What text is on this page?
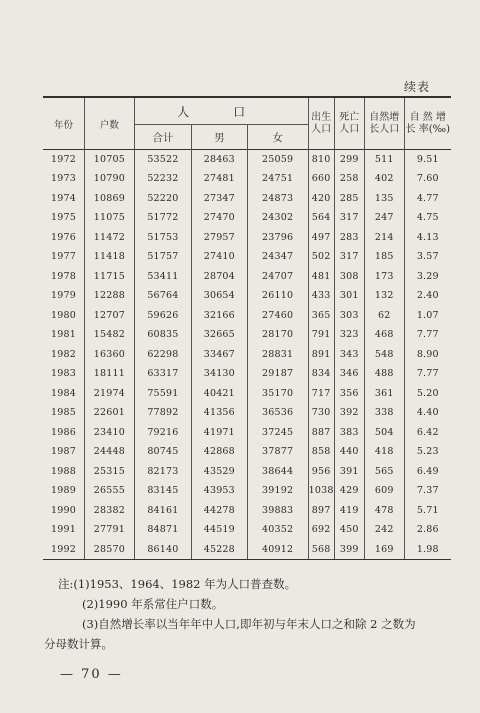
续表
年份	户数	人 口			出生人口	死亡人口	自然增长人口	自 然 增 长 率(‰)
		合计	男	女				
1972	10705	53522	28463	25059	810	299	511	9.51
1973	10790	52232	27481	24751	660	258	402	7.60
1974	10869	52220	27347	24873	420	285	135	4.77
1975	11075	51772	27470	24302	564	317	247	4.75
1976	11472	51753	27957	23796	497	283	214	4.13
1977	11418	51757	27410	24347	502	317	185	3.57
1978	11715	53411	28704	24707	481	308	173	3.29
1979	12288	56764	30654	26110	433	301	132	2.40
1980	12707	59626	32166	27460	365	303	62	1.07
1981	15482	60835	32665	28170	791	323	468	7.77
1982	16360	62298	33467	28831	891	343	548	8.90
1983	18111	63317	34130	29187	834	346	488	7.77
1984	21974	75591	40421	35170	717	356	361	5.20
1985	22601	77892	41356	36536	730	392	338	4.40
1986	23410	79216	41971	37245	887	383	504	6.42
1987	24448	80745	42868	37877	858	440	418	5.23
1988	25315	82173	43529	38644	956	391	565	6.49
1989	26555	83145	43953	39192	1038	429	609	7.37
1990	28382	84161	44278	39883	897	419	478	5.71
1991	27791	84871	44519	40352	692	450	242	2.86
1992	28570	86140	45228	40912	568	399	169	1.98

注:(1)1953、1964、1982 年为人口普查数。

(2)1990 年系常住户口数。

(3)自然增长率以当年年中人口,即年初与年末人口之和除 2 之数为

分母数计算。

— 70 —
